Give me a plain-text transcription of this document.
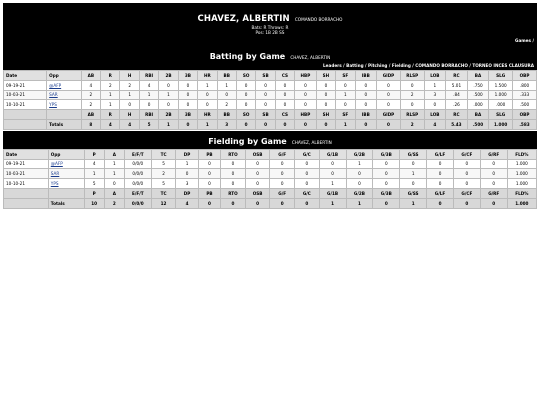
CHAVEZ, ALBERTIN COMANDO BORRACHO
Bats: R Throws: R
Pos: 1B 2B SS
Games /
Batting by Game CHAVEZ, ALBERTIN
Leaders / Batting / Pitching / Fielding / COMANDO BORRACHO / TORNEO INCES CLAUSURA
Date	Opp	AB	R	H	RBI	2B	3B	HR	BB	SO	SB	CS	HBP	SH	SF	IBB	GIDP	RLSP	LOB	RC	BA	SLG	OBP
09-19-21	@AFP	4	2	2	4	0	0	1	1	0	0	0	0	0	0	0	0	0	1	5.01	.750	1.500	.800
10-03-21	SAR	2	1	1	1	1	0	0	0	0	0	0	0	0	1	0	0	2	3	.84	.500	1.000	.333
10-10-21	YPS	2	1	0	0	0	0	0	2	0	0	0	0	0	0	0	0	0	0	.26	.000	.000	.500
		AB	R	H	RBI	2B	3B	HR	BB	SO	SB	CS	HBP	SH	SF	IBB	GIDP	RLSP	LOB	RC	BA	SLG	OBP
	Totals	8	4	4	5	1	0	1	3	0	0	0	0	0	1	0	0	2	4	5.43	.500	1.000	.583
Fielding by Game CHAVEZ, ALBERTIN
Date	Opp	P	A	E/F/T	TC	DP	PB	RTO	OSB	G/F	G/C	G/1B	G/2B	G/3B	G/SS	G/LF	G/CF	G/RF	FLD%
09-19-21	@AFP	4	1	0/0/0	5	1	0	0	0	0	0	0	1	0	0	0	0	0	1.000
10-03-21	SAR	1	1	0/0/0	2	0	0	0	0	0	0	0	0	0	1	0	0	0	1.000
10-10-21	YPS	5	0	0/0/0	5	3	0	0	0	0	0	1	0	0	0	0	0	0	1.000
		P	A	E/F/T	TC	DP	PB	RTO	OSB	G/F	G/C	G/1B	G/2B	G/3B	G/SS	G/LF	G/CF	G/RF	FLD%
	Totals	10	2	0/0/0	12	4	0	0	0	0	0	1	1	0	1	0	0	0	1.000
